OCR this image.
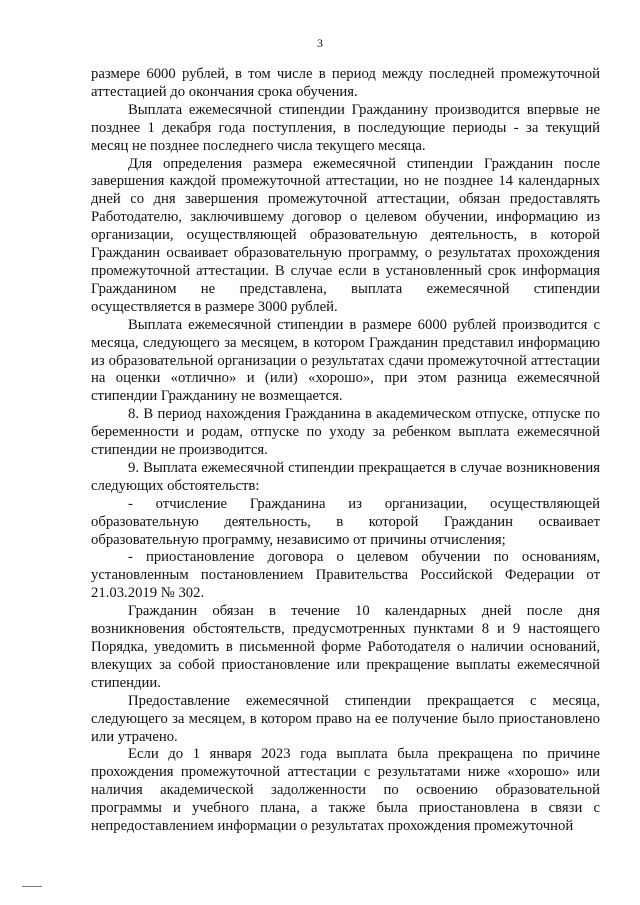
3

размере 6000 рублей, в том числе в период между последней промежуточной аттестацией до окончания срока обучения.

Выплата ежемесячной стипендии Гражданину производится впервые не позднее 1 декабря года поступления, в последующие периоды - за текущий месяц не позднее последнего числа текущего месяца.

Для определения размера ежемесячной стипендии Гражданин после завершения каждой промежуточной аттестации, но не позднее 14 календарных дней со дня завершения промежуточной аттестации, обязан предоставлять Работодателю, заключившему договор о целевом обучении, информацию из организации, осуществляющей образовательную деятельность, в которой Гражданин осваивает образовательную программу, о результатах прохождения промежуточной аттестации. В случае если в установленный срок информация Гражданином не представлена, выплата ежемесячной стипендии осуществляется в размере 3000 рублей.

Выплата ежемесячной стипендии в размере 6000 рублей производится с месяца, следующего за месяцем, в котором Гражданин представил информацию из образовательной организации о результатах сдачи промежуточной аттестации на оценки «отлично» и (или) «хорошо», при этом разница ежемесячной стипендии Гражданину не возмещается.

8. В период нахождения Гражданина в академическом отпуске, отпуске по беременности и родам, отпуске по уходу за ребенком выплата ежемесячной стипендии не производится.

9. Выплата ежемесячной стипендии прекращается в случае возникновения следующих обстоятельств:

- отчисление Гражданина из организации, осуществляющей образовательную деятельность, в которой Гражданин осваивает образовательную программу, независимо от причины отчисления;

- приостановление договора о целевом обучении по основаниям, установленным постановлением Правительства Российской Федерации от 21.03.2019 № 302.

Гражданин обязан в течение 10 календарных дней после дня возникновения обстоятельств, предусмотренных пунктами 8 и 9 настоящего Порядка, уведомить в письменной форме Работодателя о наличии оснований, влекущих за собой приостановление или прекращение выплаты ежемесячной стипендии.

Предоставление ежемесячной стипендии прекращается с месяца, следующего за месяцем, в котором право на ее получение было приостановлено или утрачено.

Если до 1 января 2023 года выплата была прекращена по причине прохождения промежуточной аттестации с результатами ниже «хорошо» или наличия академической задолженности по освоению образовательной программы и учебного плана, а также была приостановлена в связи с непредоставлением информации о результатах прохождения промежуточной
